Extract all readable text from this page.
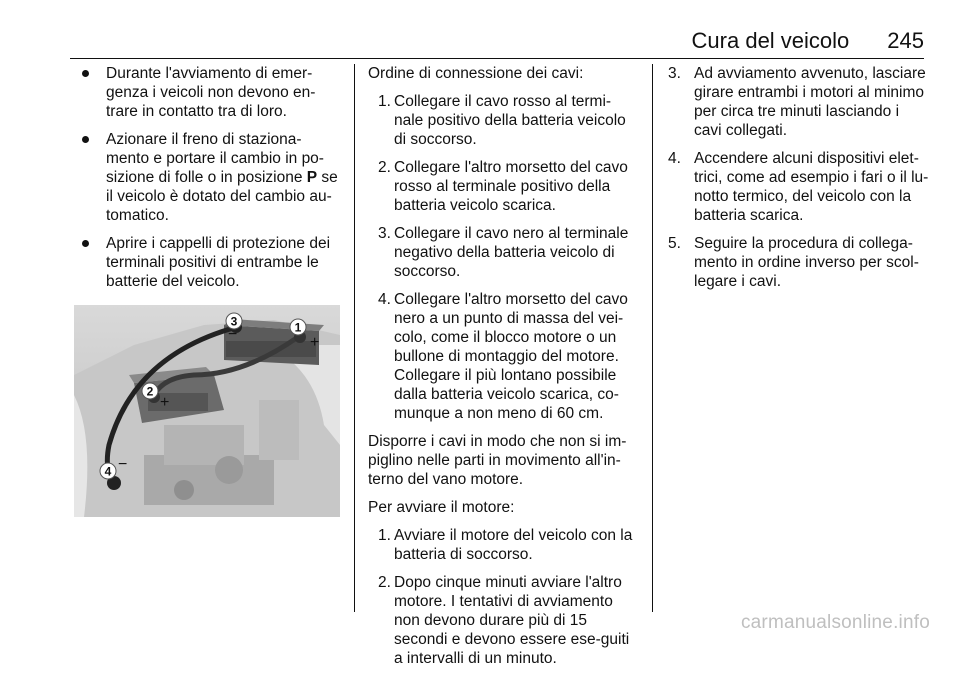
Cura del veicolo 245
Durante l'avviamento di emer-genza i veicoli non devono en-trare in contatto tra di loro.
Azionare il freno di staziona-mento e portare il cambio in po-sizione di folle o in posizione P se il veicolo è dotato del cambio au-tomatico.
Aprire i cappelli di protezione dei terminali positivi di entrambe le batterie del veicolo.
1
+
2
+
3
−
4 −

Ordine di connessione dei cavi:

1. Collegare il cavo rosso al termi-nale positivo della batteria veicolo di soccorso.
2. Collegare l'altro morsetto del cavo rosso al terminale positivo della batteria veicolo scarica.
3. Collegare il cavo nero al terminale negativo della batteria veicolo di soccorso.
4. Collegare l'altro morsetto del cavo nero a un punto di massa del vei-colo, come il blocco motore o un bullone di montaggio del motore. Collegare il più lontano possibile dalla batteria veicolo scarica, co-munque a non meno di 60 cm.

Disporre i cavi in modo che non si im-piglino nelle parti in movimento all'in-terno del vano motore.

Per avviare il motore:

1. Avviare il motore del veicolo con la batteria di soccorso.
2. Dopo cinque minuti avviare l'altro motore. I tentativi di avviamento non devono durare più di 15 secondi e devono essere ese-guiti a intervalli di un minuto.
3. Ad avviamento avvenuto, lasciare girare entrambi i motori al minimo per circa tre minuti lasciando i cavi collegati.
4. Accendere alcuni dispositivi elet-trici, come ad esempio i fari o il lu-notto termico, del veicolo con la batteria scarica.
5. Seguire la procedura di collega-mento in ordine inverso per scol-legare i cavi.
carmanualsonline.info
